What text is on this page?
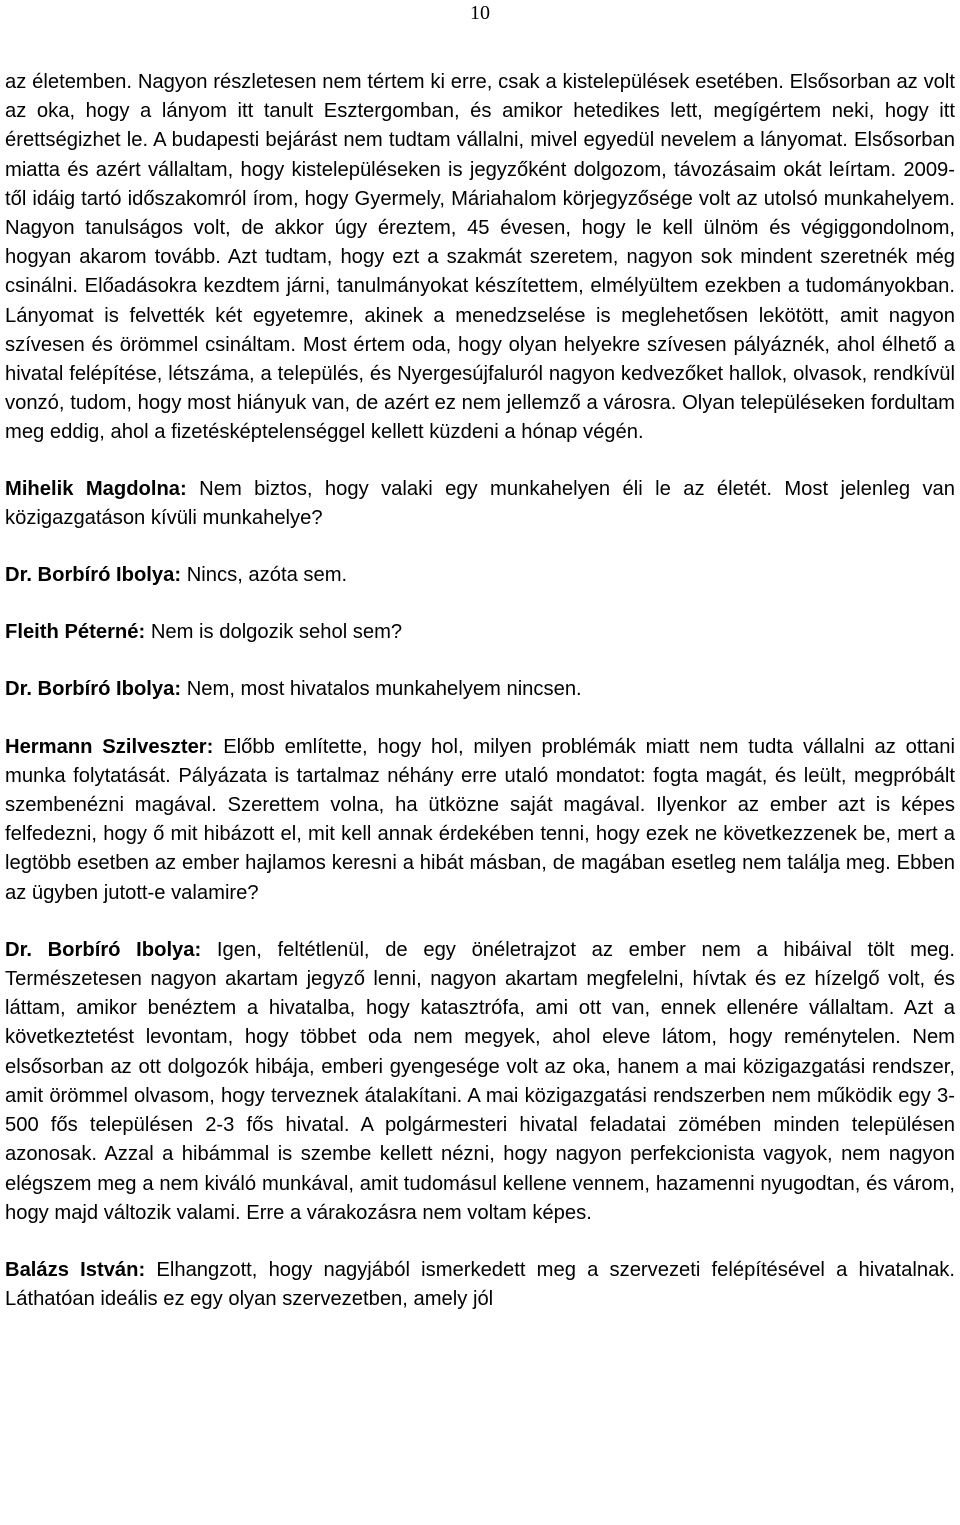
10

az életemben. Nagyon részletesen nem tértem ki erre, csak a kistelepülések esetében. Elsősorban az volt az oka, hogy a lányom itt tanult Esztergomban, és amikor hetedikes lett, megígértem neki, hogy itt érettségizhet le. A budapesti bejárást nem tudtam vállalni, mivel egyedül nevelem a lányomat. Elsősorban miatta és azért vállaltam, hogy kistelepüléseken is jegyzőként dolgozom, távozásaim okát leírtam. 2009-től idáig tartó időszakomról írom, hogy Gyermely, Máriahalom körjegyzősége volt az utolsó munkahelyem. Nagyon tanulságos volt, de akkor úgy éreztem, 45 évesen, hogy le kell ülnöm és végiggondolnom, hogyan akarom tovább. Azt tudtam, hogy ezt a szakmát szeretem, nagyon sok mindent szeretnék még csinálni. Előadásokra kezdtem járni, tanulmányokat készítettem, elmélyültem ezekben a tudományokban. Lányomat is felvették két egyetemre, akinek a menedzselése is meglehetősen lekötött, amit nagyon szívesen és örömmel csináltam. Most értem oda, hogy olyan helyekre szívesen pályáznék, ahol élhető a hivatal felépítése, létszáma, a település, és Nyergesújfaluról nagyon kedvezőket hallok, olvasok, rendkívül vonzó, tudom, hogy most hiányuk van, de azért ez nem jellemző a városra. Olyan településeken fordultam meg eddig, ahol a fizetésképtelenséggel kellett küzdeni a hónap végén.

Mihelik Magdolna: Nem biztos, hogy valaki egy munkahelyen éli le az életét. Most jelenleg van közigazgatáson kívüli munkahelye?

Dr. Borbíró Ibolya: Nincs, azóta sem.

Fleith Péterné: Nem is dolgozik sehol sem?

Dr. Borbíró Ibolya: Nem, most hivatalos munkahelyem nincsen.

Hermann Szilveszter: Előbb említette, hogy hol, milyen problémák miatt nem tudta vállalni az ottani munka folytatását. Pályázata is tartalmaz néhány erre utaló mondatot: fogta magát, és leült, megpróbált szembenézni magával. Szerettem volna, ha ütközne saját magával. Ilyenkor az ember azt is képes felfedezni, hogy ő mit hibázott el, mit kell annak érdekében tenni, hogy ezek ne következzenek be, mert a legtöbb esetben az ember hajlamos keresni a hibát másban, de magában esetleg nem találja meg. Ebben az ügyben jutott-e valamire?

Dr. Borbíró Ibolya: Igen, feltétlenül, de egy önéletrajzot az ember nem a hibáival tölt meg. Természetesen nagyon akartam jegyző lenni, nagyon akartam megfelelni, hívtak és ez hízelgő volt, és láttam, amikor benéztem a hivatalba, hogy katasztrófa, ami ott van, ennek ellenére vállaltam. Azt a következtetést levontam, hogy többet oda nem megyek, ahol eleve látom, hogy reménytelen. Nem elsősorban az ott dolgozók hibája, emberi gyengesége volt az oka, hanem a mai közigazgatási rendszer, amit örömmel olvasom, hogy terveznek átalakítani. A mai közigazgatási rendszerben nem működik egy 3-500 fős településen 2-3 fős hivatal. A polgármesteri hivatal feladatai zömében minden településen azonosak. Azzal a hibámmal is szembe kellett nézni, hogy nagyon perfekcionista vagyok, nem nagyon elégszem meg a nem kiváló munkával, amit tudomásul kellene vennem, hazamenni nyugodtan, és várom, hogy majd változik valami. Erre a várakozásra nem voltam képes.

Balázs István: Elhangzott, hogy nagyjából ismerkedett meg a szervezeti felépítésével a hivatalnak. Láthatóan ideális ez egy olyan szervezetben, amely jól
